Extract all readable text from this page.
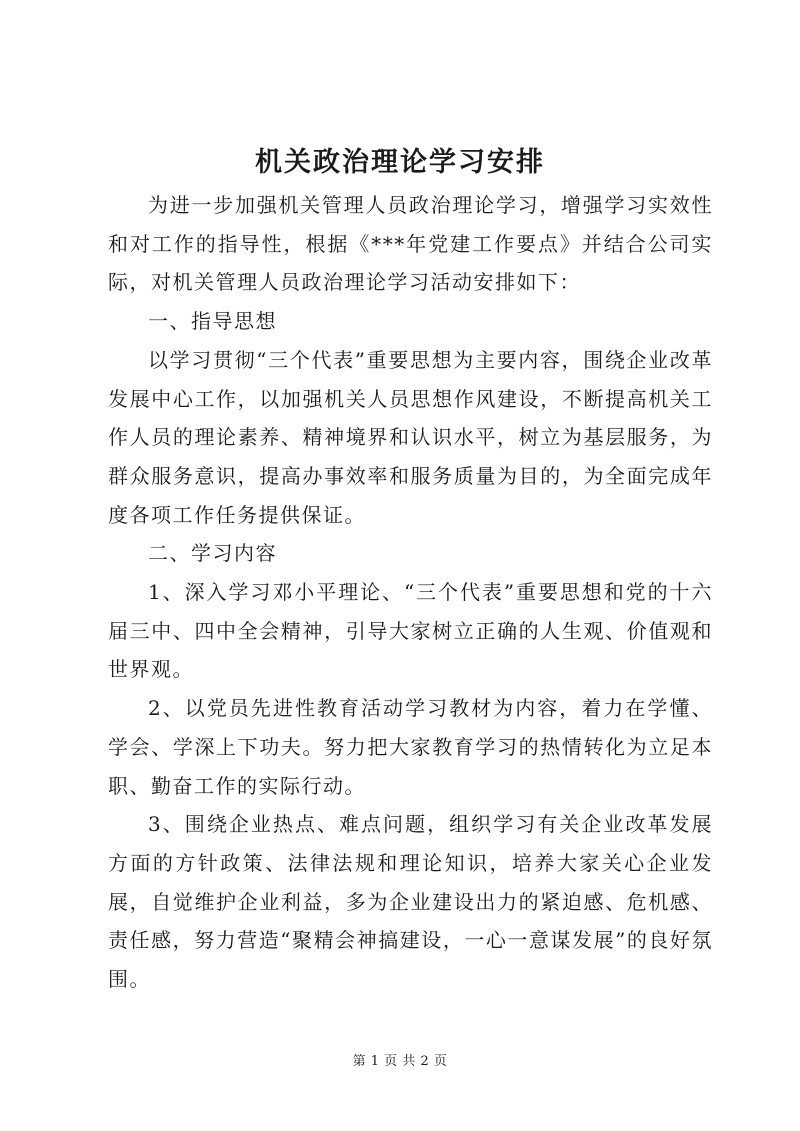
机关政治理论学习安排

为进一步加强机关管理人员政治理论学习，增强学习实效性和对工作的指导性，根据《***年党建工作要点》并结合公司实际，对机关管理人员政治理论学习活动安排如下：

一、指导思想

以学习贯彻“三个代表”重要思想为主要内容，围绕企业改革发展中心工作，以加强机关人员思想作风建设，不断提高机关工作人员的理论素养、精神境界和认识水平，树立为基层服务，为群众服务意识，提高办事效率和服务质量为目的，为全面完成年度各项工作任务提供保证。

二、学习内容

1、深入学习邓小平理论、“三个代表”重要思想和党的十六届三中、四中全会精神，引导大家树立正确的人生观、价值观和世界观。

2、以党员先进性教育活动学习教材为内容，着力在学懂、学会、学深上下功夫。努力把大家教育学习的热情转化为立足本职、勤奋工作的实际行动。

3、围绕企业热点、难点问题，组织学习有关企业改革发展方面的方针政策、法律法规和理论知识，培养大家关心企业发展，自觉维护企业利益，多为企业建设出力的紧迫感、危机感、责任感，努力营造“聚精会神搞建设，一心一意谋发展”的良好氛围。

第 1 页 共 2 页
